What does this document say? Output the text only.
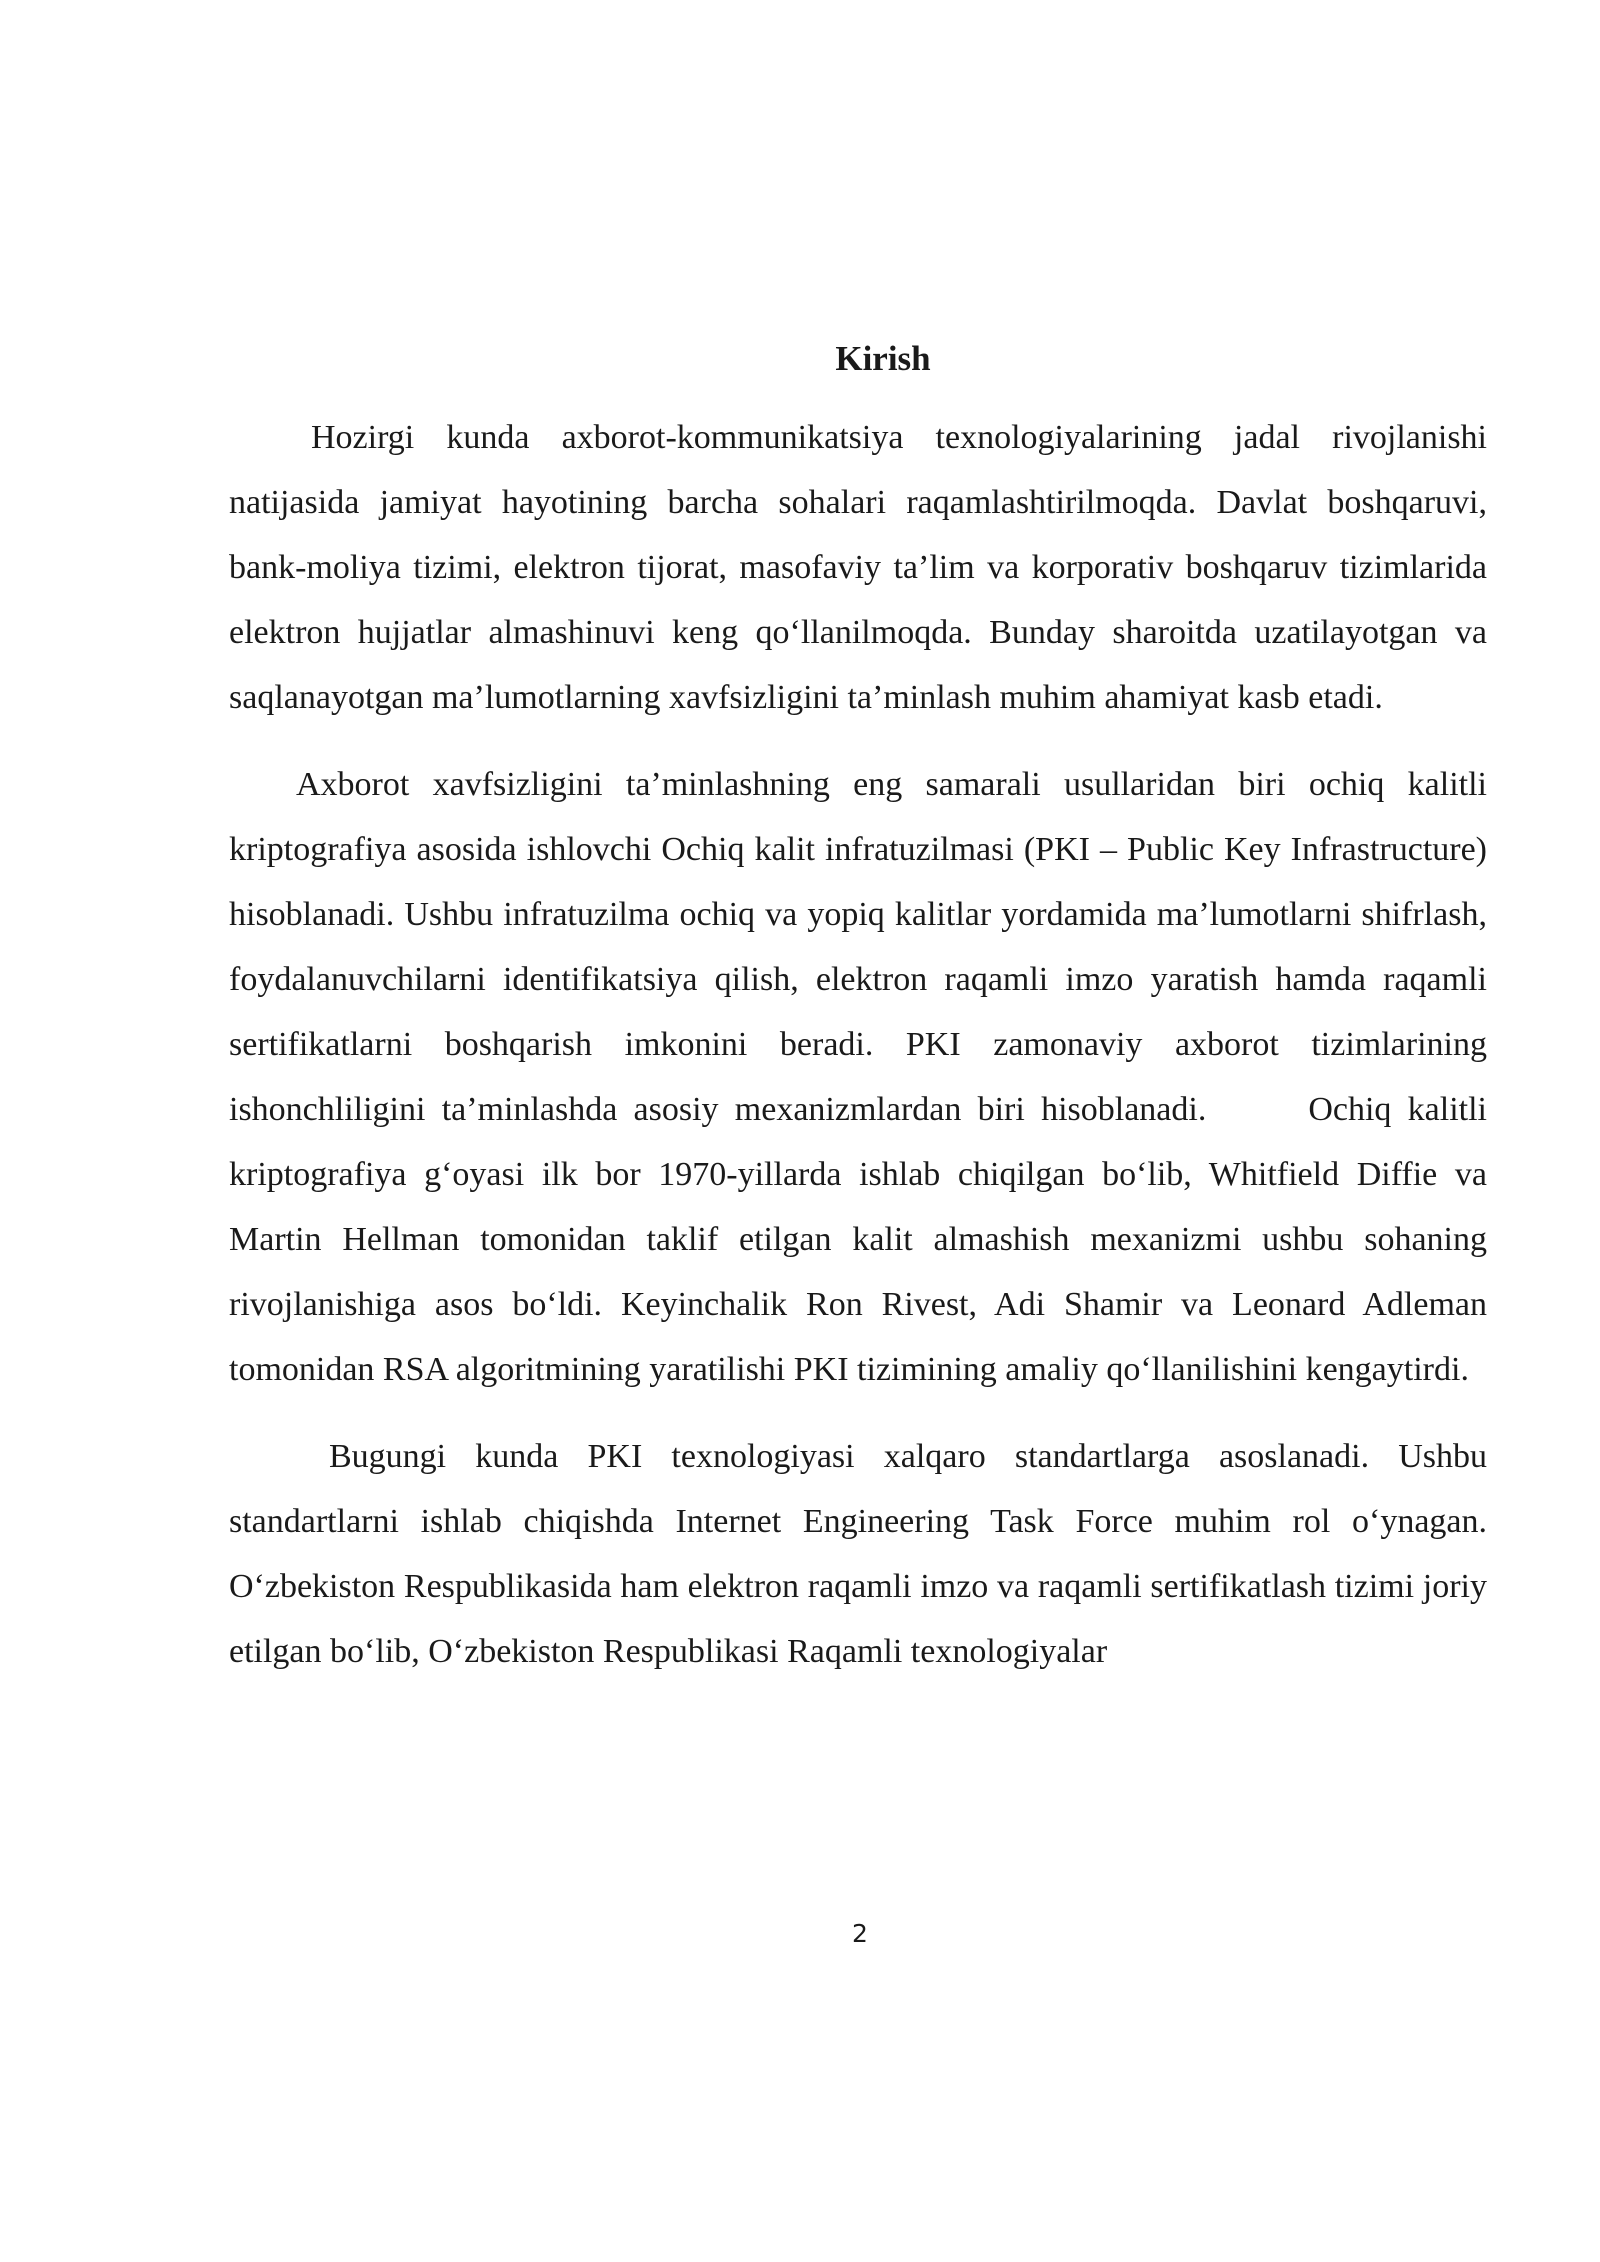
Kirish
Hozirgi kunda axborot-kommunikatsiya texnologiyalarining jadal rivojlanishi natijasida jamiyat hayotining barcha sohalari raqamlashtirilmoqda. Davlat boshqaruvi, bank-moliya tizimi, elektron tijorat, masofaviy ta’lim va korporativ boshqaruv tizimlarida elektron hujjatlar almashinuvi keng qo‘llanilmoqda. Bunday sharoitda uzatilayotgan va saqlanayotgan ma’lumotlarning xavfsizligini ta’minlash muhim ahamiyat kasb etadi.
Axborot xavfsizligini ta’minlashning eng samarali usullaridan biri ochiq kalitli kriptografiya asosida ishlovchi Ochiq kalit infratuzilmasi (PKI – Public Key Infrastructure) hisoblanadi. Ushbu infratuzilma ochiq va yopiq kalitlar yordamida ma’lumotlarni shifrlash, foydalanuvchilarni identifikatsiya qilish, elektron raqamli imzo yaratish hamda raqamli sertifikatlarni boshqarish imkonini beradi. PKI zamonaviy axborot tizimlarining ishonchliligini ta’minlashda asosiy mexanizmlardan biri hisoblanadi.	Ochiq kalitli kriptografiya g‘oyasi ilk bor 1970-yillarda ishlab chiqilgan bo‘lib, Whitfield Diffie va Martin Hellman tomonidan taklif etilgan kalit almashish mexanizmi ushbu sohaning rivojlanishiga asos bo‘ldi. Keyinchalik Ron Rivest, Adi Shamir va Leonard Adleman tomonidan RSA algoritmining yaratilishi PKI tizimining amaliy qo‘llanilishini kengaytirdi.
Bugungi kunda PKI texnologiyasi xalqaro standartlarga asoslanadi. Ushbu standartlarni ishlab chiqishda Internet Engineering Task Force muhim rol o‘ynagan. O‘zbekiston Respublikasida ham elektron raqamli imzo va raqamli sertifikatlash tizimi joriy etilgan bo‘lib, O‘zbekiston Respublikasi Raqamli texnologiyalar
2
